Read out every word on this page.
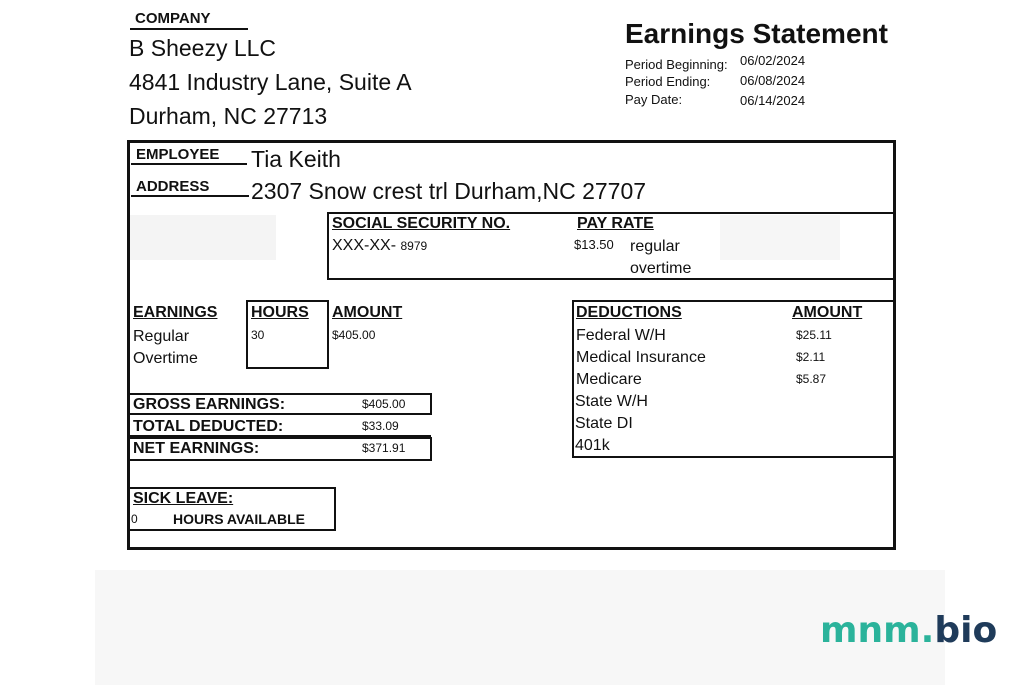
COMPANY
B Sheezy LLC
4841 Industry Lane, Suite A
Durham, NC 27713
Earnings Statement
Period Beginning: 06/02/2024
Period Ending: 06/08/2024
Pay Date:	06/14/2024
EMPLOYEE Tia Keith
ADDRESS 2307 Snow crest trl Durham,NC 27707
SOCIAL SECURITY NO.
XXX-XX- 8979
PAY RATE
$13.50 regular
overtime
EARNINGS HOURS AMOUNT
Regular	30	$405.00
Overtime
GROSS EARNINGS:	$405.00
TOTAL DEDUCTED:	$33.09
NET EARNINGS:	$371.91
DEDUCTIONS	AMOUNT
Federal W/H	$25.11
Medical Insurance	$2.11
Medicare	$5.87
State W/H
State DI
401k
SICK LEAVE:
0	HOURS AVAILABLE
mnm.bio
